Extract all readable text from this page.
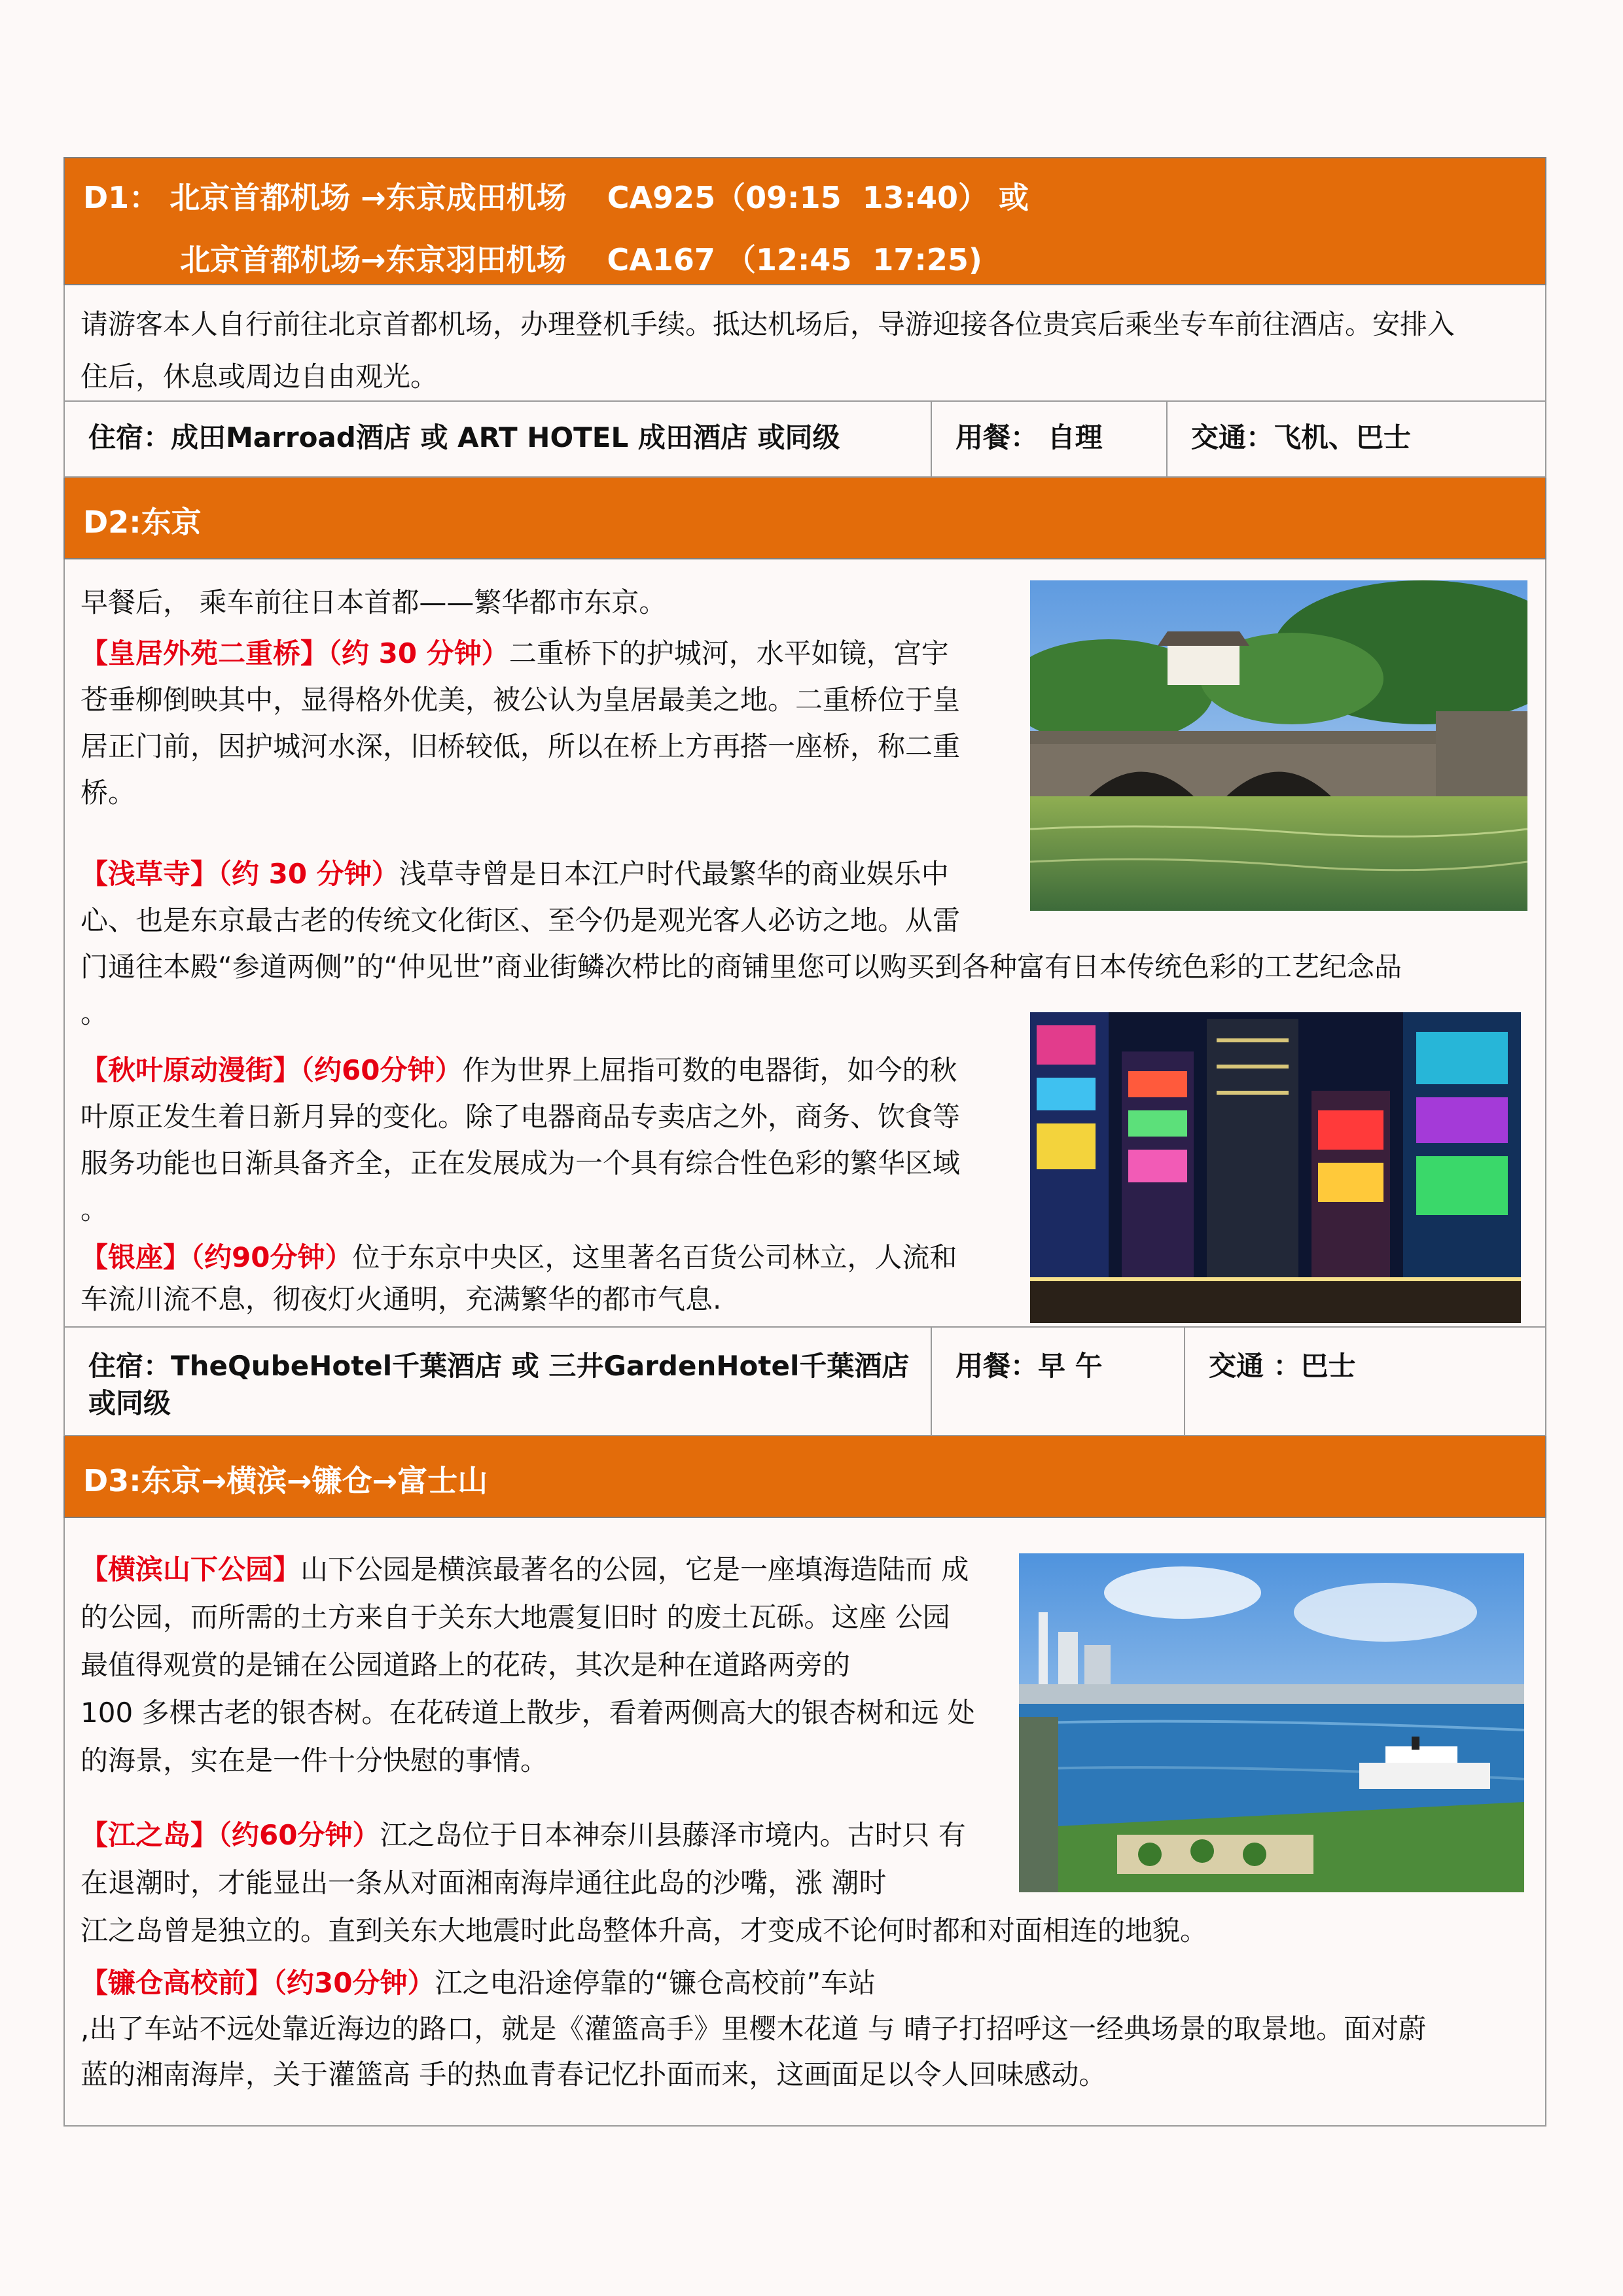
D1： 北京首都机场 →东京成田机场 　CA925（09:15  13:40） 或
北京首都机场→东京羽田机场 　CA167 （12:45  17:25)
请游客本人自行前往北京首都机场，办理登机手续。抵达机场后，导游迎接各位贵宾后乘坐专车前往酒店。安排入
住后，休息或周边自由观光。
住宿：成田Marroad酒店 或 ART HOTEL 成田酒店 或同级	用餐： 自理	交通：飞机、巴士
D2:东京
早餐后， 乘车前往日本首都——繁华都市东京。
【皇居外苑二重桥】（约 30 分钟）二重桥下的护城河，水平如镜，宫宇
苍垂柳倒映其中，显得格外优美，被公认为皇居最美之地。二重桥位于皇
居正门前，因护城河水深，旧桥较低，所以在桥上方再搭一座桥，称二重
桥。
【浅草寺】（约 30 分钟）浅草寺曾是日本江户时代最繁华的商业娱乐中
心、也是东京最古老的传统文化街区、至今仍是观光客人必访之地。从雷
门通往本殿“参道两侧”的“仲见世”商业街鳞次栉比的商铺里您可以购买到各种富有日本传统色彩的工艺纪念品
。
【秋叶原动漫街】（约60分钟）作为世界上屈指可数的电器街，如今的秋
叶原正发生着日新月异的变化。除了电器商品专卖店之外，商务、饮食等
服务功能也日渐具备齐全，正在发展成为一个具有综合性色彩的繁华区域
。
【银座】（约90分钟）位于东京中央区，这里著名百货公司林立，人流和
车流川流不息，彻夜灯火通明，充满繁华的都市气息.
住宿：TheQubeHotel千葉酒店 或 三井GardenHotel千葉酒店
或同级
用餐：早 午	交通 ：巴士
D3:东京→横滨→镰仓→富士山
【横滨山下公园】山下公园是横滨最著名的公园，它是一座填海造陆而 成
的公园，而所需的土方来自于关东大地震复旧时 的废土瓦砾。这座 公园
最值得观赏的是铺在公园道路上的花砖，其次是种在道路两旁的
100 多棵古老的银杏树。在花砖道上散步，看着两侧高大的银杏树和远 处
的海景，实在是一件十分快慰的事情。
【江之岛】（约60分钟）江之岛位于日本神奈川县藤泽市境内。古时只 有
在退潮时，才能显出一条从对面湘南海岸通往此岛的沙嘴，涨 潮时
江之岛曾是独立的。直到关东大地震时此岛整体升高，才变成不论何时都和对面相连的地貌。
【镰仓高校前】（约30分钟）江之电沿途停靠的“镰仓高校前”车站
,出了车站不远处靠近海边的路口，就是《灌篮高手》里樱木花道 与 晴子打招呼这一经典场景的取景地。面对蔚
蓝的湘南海岸，关于灌篮高 手的热血青春记忆扑面而来，这画面足以令人回味感动。
